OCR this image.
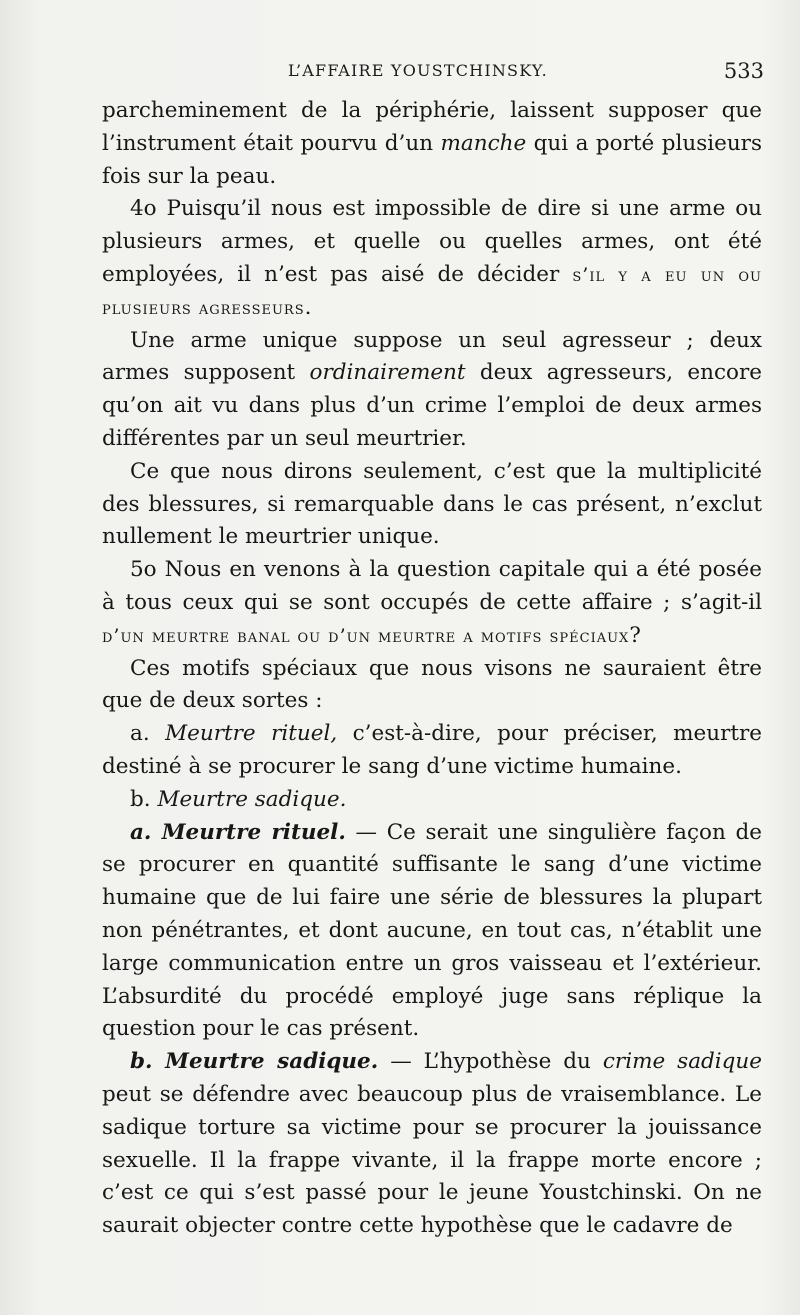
L’AFFAIRE YOUSTCHINSKY.	533

parcheminement de la périphérie, laissent supposer que l’instrument était pourvu d’un manche qui a porté plusieurs fois sur la peau.

4o Puisqu’il nous est impossible de dire si une arme ou plusieurs armes, et quelle ou quelles armes, ont été employées, il n’est pas aisé de décider s’il y a eu un ou plusieurs agresseurs.

Une arme unique suppose un seul agresseur ; deux armes supposent ordinairement deux agresseurs, encore qu’on ait vu dans plus d’un crime l’emploi de deux armes différentes par un seul meurtrier.

Ce que nous dirons seulement, c’est que la multiplicité des blessures, si remarquable dans le cas présent, n’exclut nullement le meurtrier unique.

5o Nous en venons à la question capitale qui a été posée à tous ceux qui se sont occupés de cette affaire ; s’agit-il d’un meurtre banal ou d’un meurtre a motifs spéciaux?

Ces motifs spéciaux que nous visons ne sauraient être que de deux sortes :

a. Meurtre rituel, c’est-à-dire, pour préciser, meurtre destiné à se procurer le sang d’une victime humaine.

b. Meurtre sadique.

a. Meurtre rituel. — Ce serait une singulière façon de se procurer en quantité suffisante le sang d’une victime humaine que de lui faire une série de blessures la plupart non pénétrantes, et dont aucune, en tout cas, n’établit une large communication entre un gros vaisseau et l’extérieur. L’absurdité du procédé employé juge sans réplique la question pour le cas présent.

b. Meurtre sadique. — L’hypothèse du crime sadique peut se défendre avec beaucoup plus de vraisemblance. Le sadique torture sa victime pour se procurer la jouissance sexuelle. Il la frappe vivante, il la frappe morte encore ; c’est ce qui s’est passé pour le jeune Youstchinski. On ne saurait objecter contre cette hypothèse que le cadavre de
